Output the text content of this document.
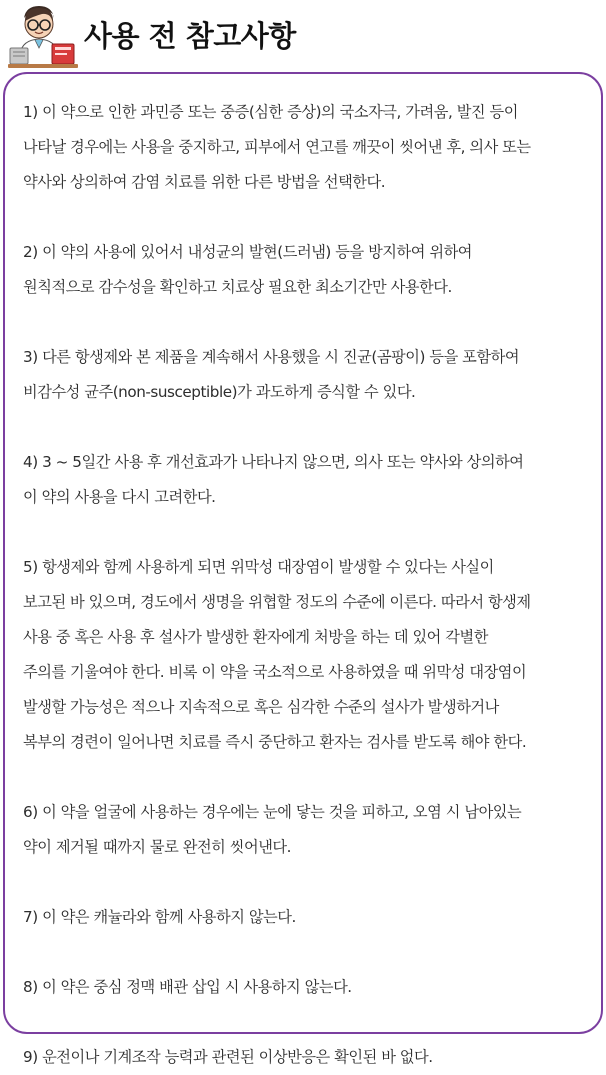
사용 전 참고사항
1) 이 약으로 인한 과민증 또는 중증(심한 증상)의 국소자극, 가려움, 발진 등이
나타날 경우에는 사용을 중지하고, 피부에서 연고를 깨끗이 씻어낸 후, 의사 또는
약사와 상의하여 감염 치료를 위한 다른 방법을 선택한다.
2) 이 약의 사용에 있어서 내성균의 발현(드러냄) 등을 방지하여 위하여
원칙적으로 감수성을 확인하고 치료상 필요한 최소기간만 사용한다.
3) 다른 항생제와 본 제품을 계속해서 사용했을 시 진균(곰팡이) 등을 포함하여
비감수성 균주(non-susceptible)가 과도하게 증식할 수 있다.
4) 3 ~ 5일간 사용 후 개선효과가 나타나지 않으면, 의사 또는 약사와 상의하여
이 약의 사용을 다시 고려한다.
5) 항생제와 함께 사용하게 되면 위막성 대장염이 발생할 수 있다는 사실이
보고된 바 있으며, 경도에서 생명을 위협할 정도의 수준에 이른다. 따라서 항생제
사용 중 혹은 사용 후 설사가 발생한 환자에게 처방을 하는 데 있어 각별한
주의를 기울여야 한다. 비록 이 약을 국소적으로 사용하였을 때 위막성 대장염이
발생할 가능성은 적으나 지속적으로 혹은 심각한 수준의 설사가 발생하거나
복부의 경련이 일어나면 치료를 즉시 중단하고 환자는 검사를 받도록 해야 한다.
6) 이 약을 얼굴에 사용하는 경우에는 눈에 닿는 것을 피하고, 오염 시 남아있는
약이 제거될 때까지 물로 완전히 씻어낸다.
7) 이 약은 캐뉼라와 함께 사용하지 않는다.
8) 이 약은 중심 정맥 배관 삽입 시 사용하지 않는다.
9) 운전이나 기계조작 능력과 관련된 이상반응은 확인된 바 없다.
